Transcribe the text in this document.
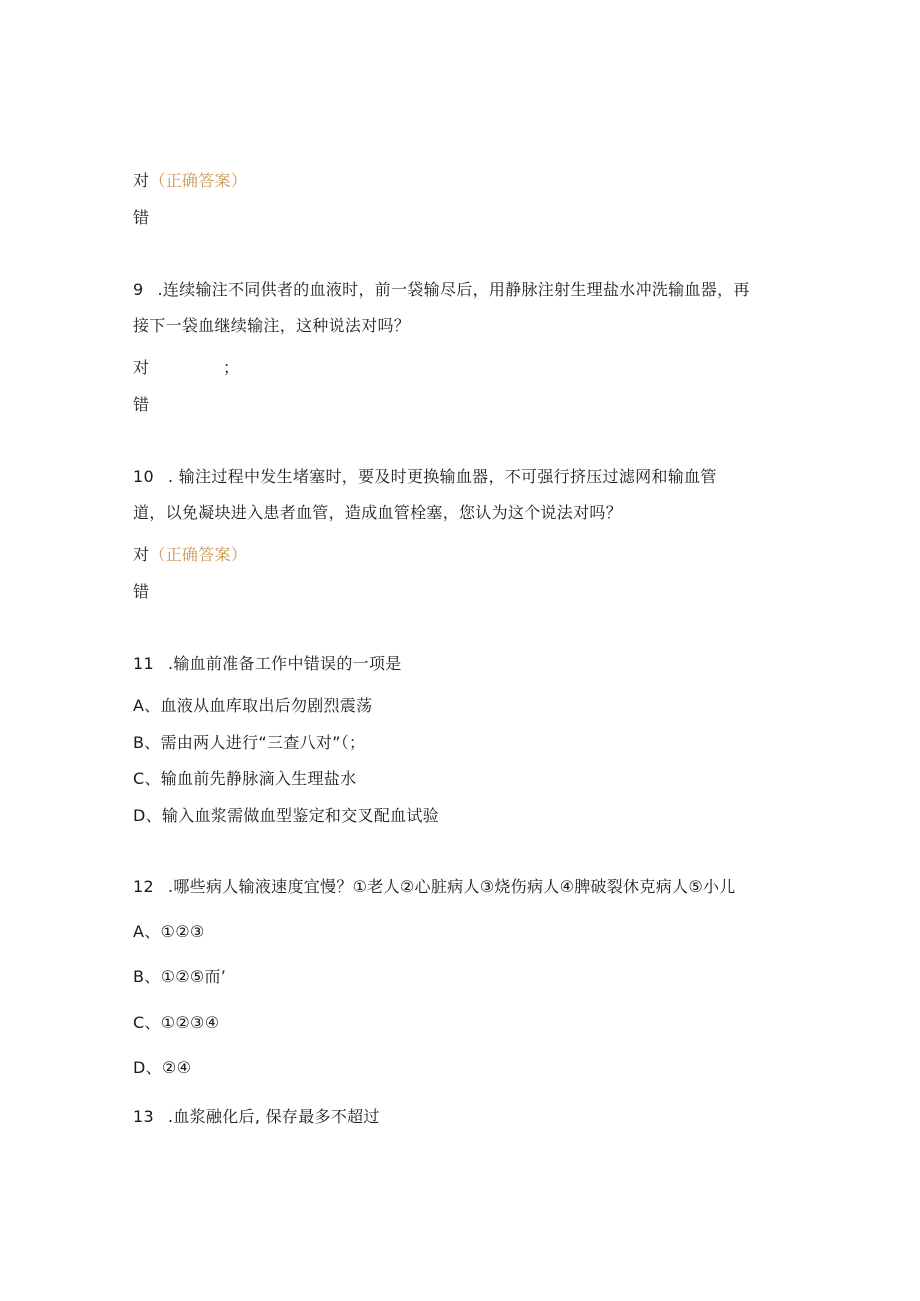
对（正确答案）
错
9 .连续输注不同供者的血液时，前一袋输尽后，用静脉注射生理盐水冲洗输血器，再
接下一袋血继续输注，这种说法对吗？
对	；
错
10 . 输注过程中发生堵塞时，要及时更换输血器，不可强行挤压过滤网和输血管
道，以免凝块进入患者血管，造成血管栓塞，您认为这个说法对吗？
对（正确答案）
错
11 .输血前准备工作中错误的一项是
A、血液从血库取出后勿剧烈震荡
B、需由两人进行“三查八对”（；
C、输血前先静脉滴入生理盐水
D、输入血浆需做血型鉴定和交叉配血试验
12 .哪些病人输液速度宜慢？①老人②心脏病人③烧伤病人④脾破裂休克病人⑤小儿
A、①②③
B、①②⑤而’
C、①②③④
D、②④
13 .血浆融化后, 保存最多不超过
